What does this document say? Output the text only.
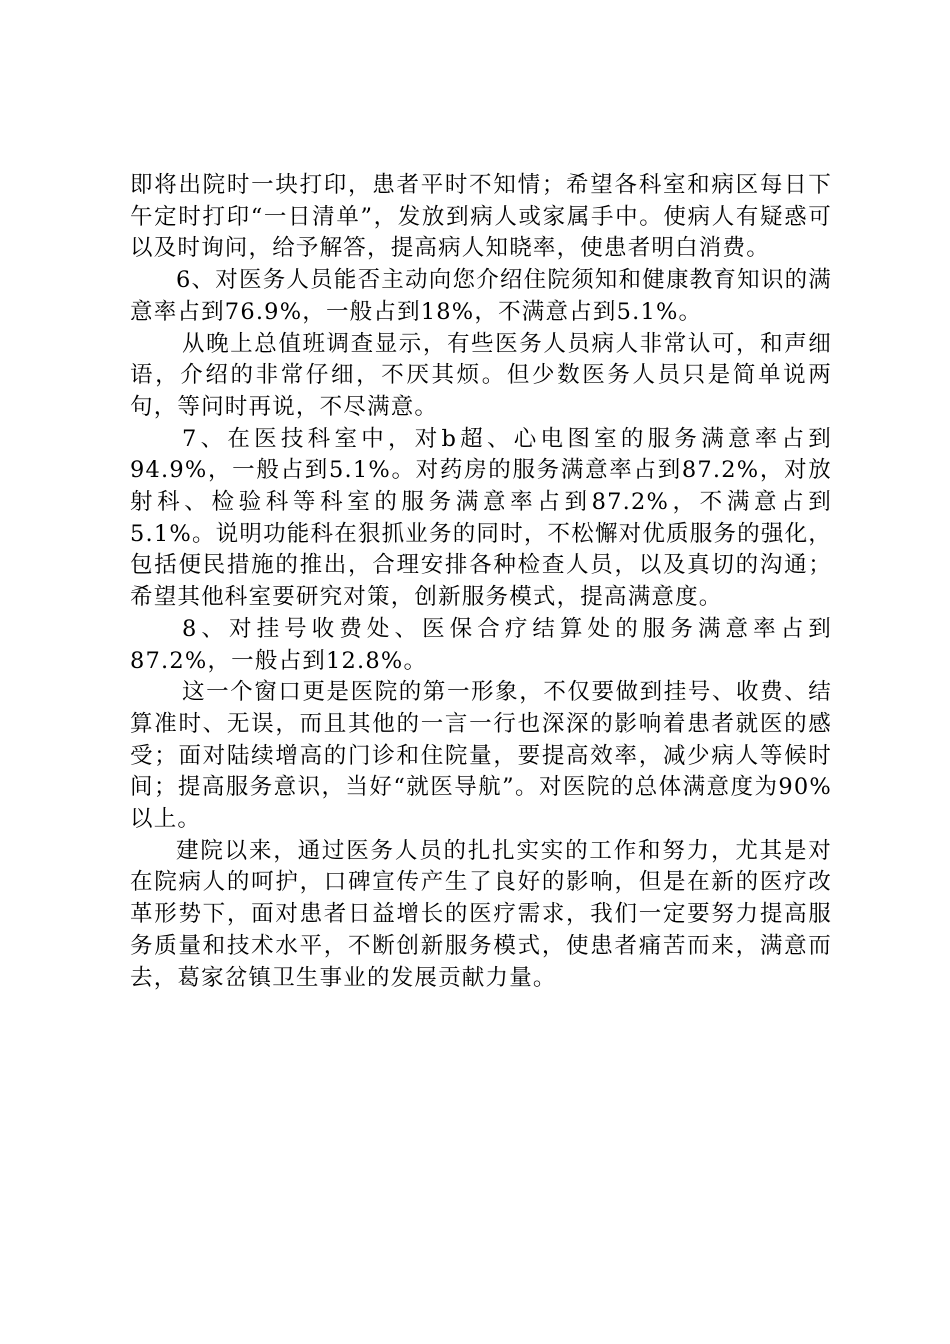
即将出院时一块打印，患者平时不知情；希望各科室和病区每日下午定时打印“一日清单”，发放到病人或家属手中。使病人有疑惑可以及时询问，给予解答，提高病人知晓率，使患者明白消费。

6、对医务人员能否主动向您介绍住院须知和健康教育知识的满意率占到76.9%，一般占到18%，不满意占到5.1%。

从晚上总值班调查显示，有些医务人员病人非常认可，和声细语，介绍的非常仔细，不厌其烦。但少数医务人员只是简单说两句，等问时再说，不尽满意。

7、在医技科室中，对b超、心电图室的服务满意率占到94.9%，一般占到5.1%。对药房的服务满意率占到87.2%，对放射科、检验科等科室的服务满意率占到87.2%，不满意占到5.1%。说明功能科在狠抓业务的同时，不松懈对优质服务的强化，包括便民措施的推出，合理安排各种检查人员，以及真切的沟通；希望其他科室要研究对策，创新服务模式，提高满意度。

8、对挂号收费处、医保合疗结算处的服务满意率占到87.2%，一般占到12.8%。

这一个窗口更是医院的第一形象，不仅要做到挂号、收费、结算准时、无误，而且其他的一言一行也深深的影响着患者就医的感受；面对陆续增高的门诊和住院量，要提高效率，减少病人等候时间；提高服务意识，当好“就医导航”。对医院的总体满意度为90%以上。

建院以来，通过医务人员的扎扎实实的工作和努力，尤其是对在院病人的呵护，口碑宣传产生了良好的影响，但是在新的医疗改革形势下，面对患者日益增长的医疗需求，我们一定要努力提高服务质量和技术水平，不断创新服务模式，使患者痛苦而来，满意而去，葛家岔镇卫生事业的发展贡献力量。
